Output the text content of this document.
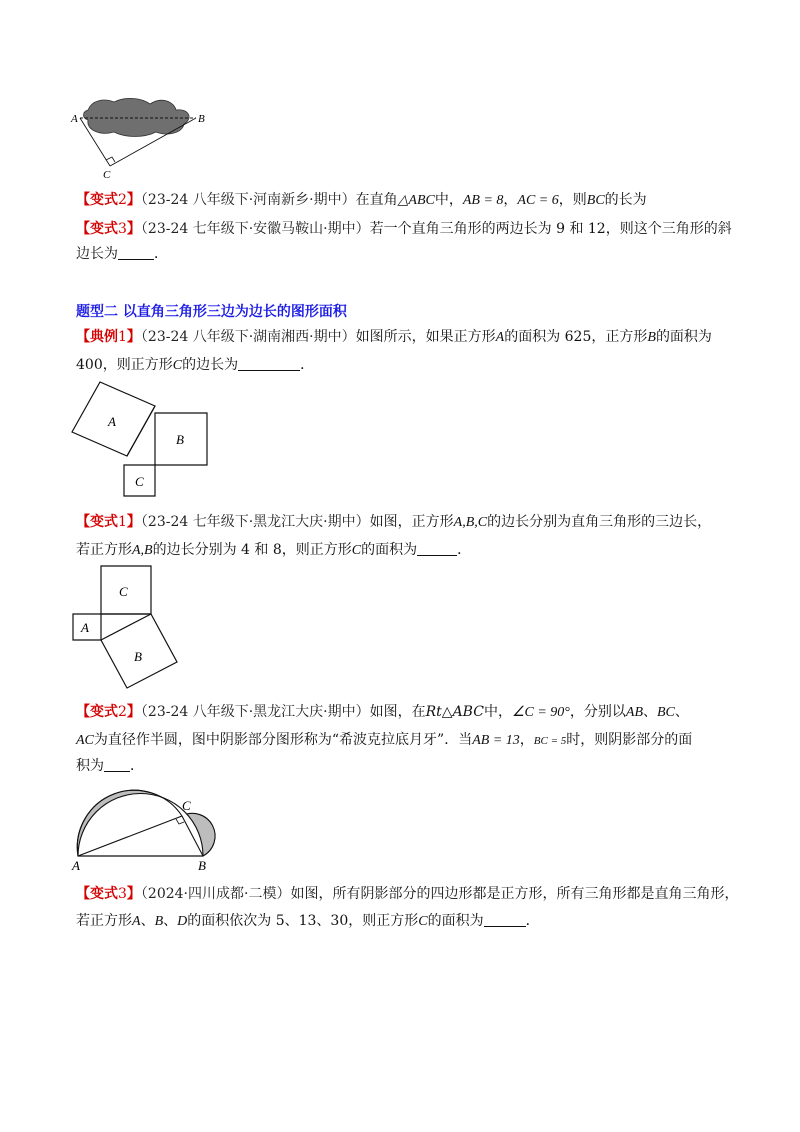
A	B
C
【变式2】（23-24 八年级下·河南新乡·期中）在直角△ABC中，AB = 8，AC = 6，则BC的长为
【变式3】（23-24 七年级下·安徽马鞍山·期中）若一个直角三角形的两边长为 9 和 12，则这个三角形的斜
边长为	．
题型二 以直角三角形三边为边长的图形面积
【典例1】（23-24 八年级下·湖南湘西·期中）如图所示，如果正方形A的面积为 625，正方形B的面积为
400，则正方形C的边长为	．
A
B
C
【变式1】（23-24 七年级下·黑龙江大庆·期中）如图，正方形A,B,C的边长分别为直角三角形的三边长，
若正方形A,B的边长分别为 4 和 8，则正方形C的面积为	．
C
A
B
【变式2】（23-24 八年级下·黑龙江大庆·期中）如图，在Rt△ABC中，∠C = 90°，分别以AB、BC、
AC为直径作半圆，图中阴影部分图形称为“希波克拉底月牙”．当AB = 13，BC = 5时，则阴影部分的面
积为 ．
A	B
C
【变式3】（2024·四川成都·二模）如图，所有阴影部分的四边形都是正方形，所有三角形都是直角三角形，
若正方形A、B、D的面积依次为 5、13、30，则正方形C的面积为	．
